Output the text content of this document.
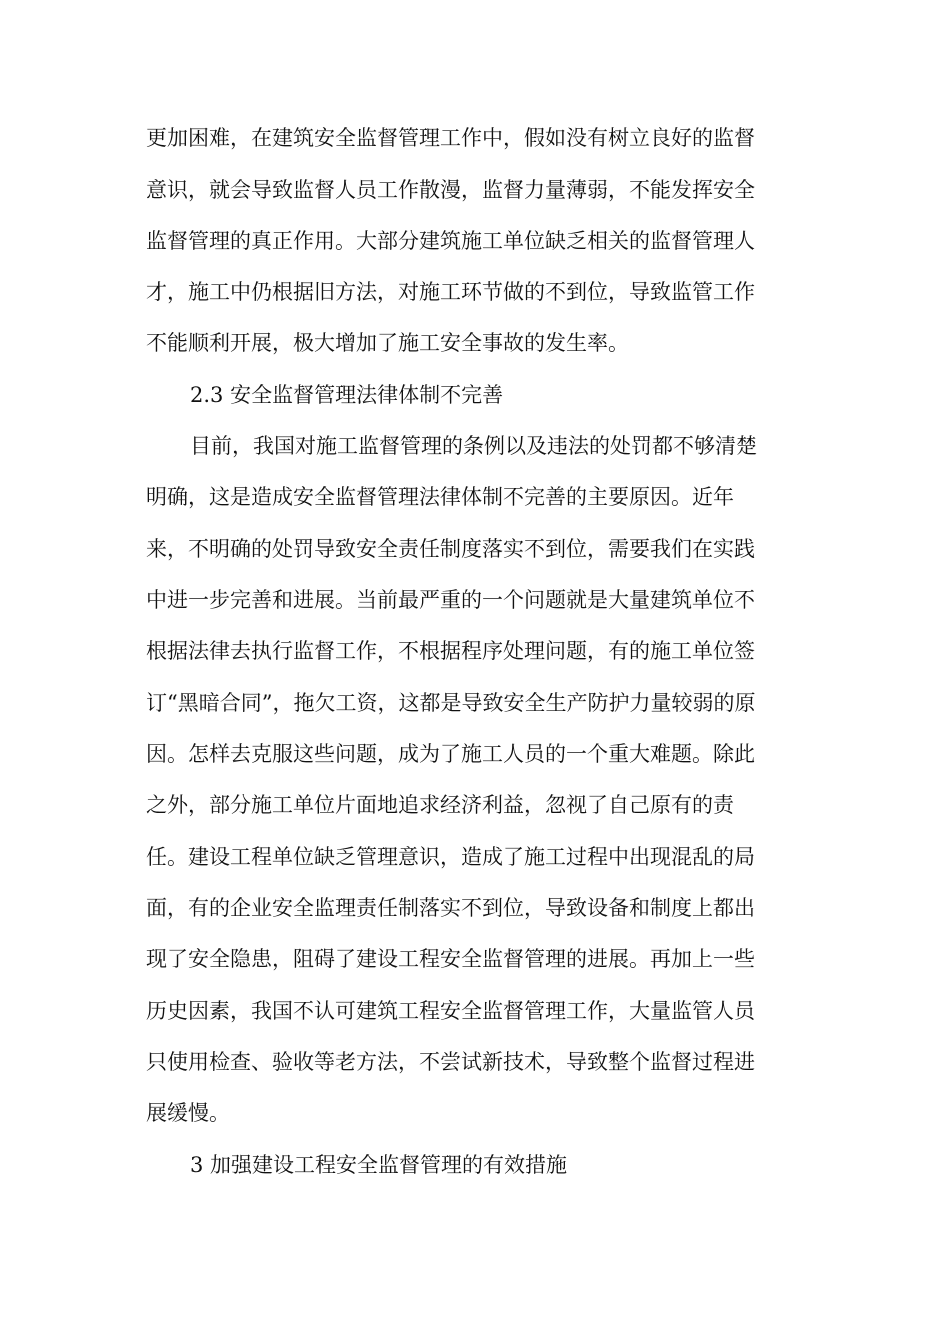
更加困难，在建筑安全监督管理工作中，假如没有树立良好的监督

意识，就会导致监督人员工作散漫，监督力量薄弱，不能发挥安全

监督管理的真正作用。大部分建筑施工单位缺乏相关的监督管理人

才，施工中仍根据旧方法，对施工环节做的不到位，导致监管工作

不能顺利开展，极大增加了施工安全事故的发生率。

2.3 安全监督管理法律体制不完善

目前，我国对施工监督管理的条例以及违法的处罚都不够清楚

明确，这是造成安全监督管理法律体制不完善的主要原因。近年

来，不明确的处罚导致安全责任制度落实不到位，需要我们在实践

中进一步完善和进展。当前最严重的一个问题就是大量建筑单位不

根据法律去执行监督工作，不根据程序处理问题，有的施工单位签

订“黑暗合同”，拖欠工资，这都是导致安全生产防护力量较弱的原

因。怎样去克服这些问题，成为了施工人员的一个重大难题。除此

之外，部分施工单位片面地追求经济利益，忽视了自己原有的责

任。建设工程单位缺乏管理意识，造成了施工过程中出现混乱的局

面，有的企业安全监理责任制落实不到位，导致设备和制度上都出

现了安全隐患，阻碍了建设工程安全监督管理的进展。再加上一些

历史因素，我国不认可建筑工程安全监督管理工作，大量监管人员

只使用检查、验收等老方法，不尝试新技术，导致整个监督过程进

展缓慢。

3 加强建设工程安全监督管理的有效措施
